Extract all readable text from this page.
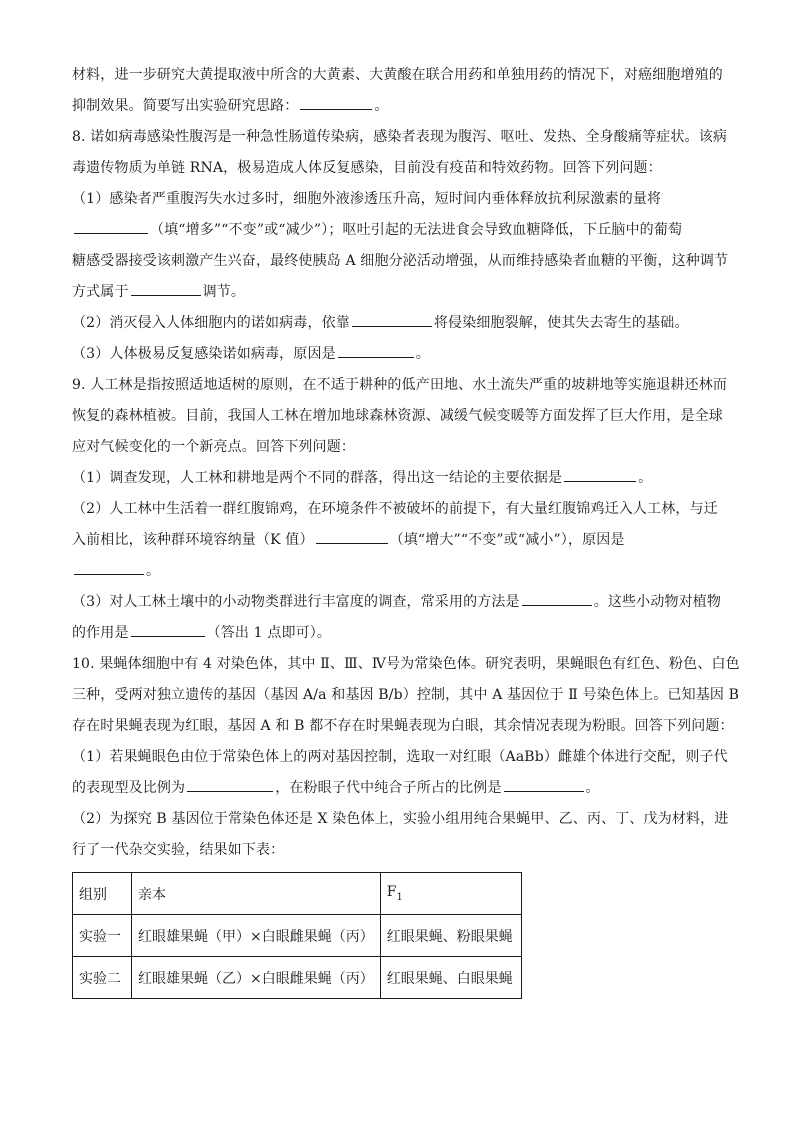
材料，进一步研究大黄提取液中所含的大黄素、大黄酸在联合用药和单独用药的情况下，对癌细胞增殖的
抑制效果。简要写出实验研究思路：	。
8. 诺如病毒感染性腹泻是一种急性肠道传染病，感染者表现为腹泻、呕吐、发热、全身酸痛等症状。该病
毒遗传物质为单链 RNA，极易造成人体反复感染，目前没有疫苗和特效药物。回答下列问题：
（1）感染者严重腹泻失水过多时，细胞外液渗透压升高，短时间内垂体释放抗利尿激素的量将
（填“增多”“不变”或“减少”）；呕吐引起的无法进食会导致血糖降低，下丘脑中的葡萄
糖感受器接受该刺激产生兴奋，最终使胰岛 A 细胞分泌活动增强，从而维持感染者血糖的平衡，这种调节
方式属于	调节。
（2）消灭侵入人体细胞内的诺如病毒，依靠	将侵染细胞裂解，使其失去寄生的基础。
（3）人体极易反复感染诺如病毒，原因是	。
9. 人工林是指按照适地适树的原则，在不适于耕种的低产田地、水土流失严重的坡耕地等实施退耕还林而
恢复的森林植被。目前，我国人工林在增加地球森林资源、减缓气候变暖等方面发挥了巨大作用，是全球
应对气候变化的一个新亮点。回答下列问题：
（1）调查发现，人工林和耕地是两个不同的群落，得出这一结论的主要依据是	。
（2）人工林中生活着一群红腹锦鸡，在环境条件不被破坏的前提下，有大量红腹锦鸡迁入人工林，与迁
入前相比，该种群环境容纳量（K 值）	（填“增大”“不变”或“减小”），原因是
。
（3）对人工林土壤中的小动物类群进行丰富度的调查，常采用的方法是	。这些小动物对植物
的作用是	（答出 1 点即可）。
10. 果蝇体细胞中有 4 对染色体，其中 Ⅱ、Ⅲ、Ⅳ号为常染色体。研究表明，果蝇眼色有红色、粉色、白色
三种，受两对独立遗传的基因（基因 A/a 和基因 B/b）控制，其中 A 基因位于 Ⅱ 号染色体上。已知基因 B
存在时果蝇表现为红眼，基因 A 和 B 都不存在时果蝇表现为白眼，其余情况表现为粉眼。回答下列问题：
（1）若果蝇眼色由位于常染色体上的两对基因控制，选取一对红眼（AaBb）雌雄个体进行交配，则子代
的表现型及比例为	，在粉眼子代中纯合子所占的比例是	。
（2）为探究 B 基因位于常染色体还是 X 染色体上，实验小组用纯合果蝇甲、乙、丙、丁、戊为材料，进
行了一代杂交实验，结果如下表：
组别	亲本	$F_1$
实验一	红眼雄果蝇（甲）×白眼雌果蝇（丙）	红眼果蝇、粉眼果蝇
实验二	红眼雄果蝇（乙）×白眼雌果蝇（丙）	红眼果蝇、白眼果蝇
